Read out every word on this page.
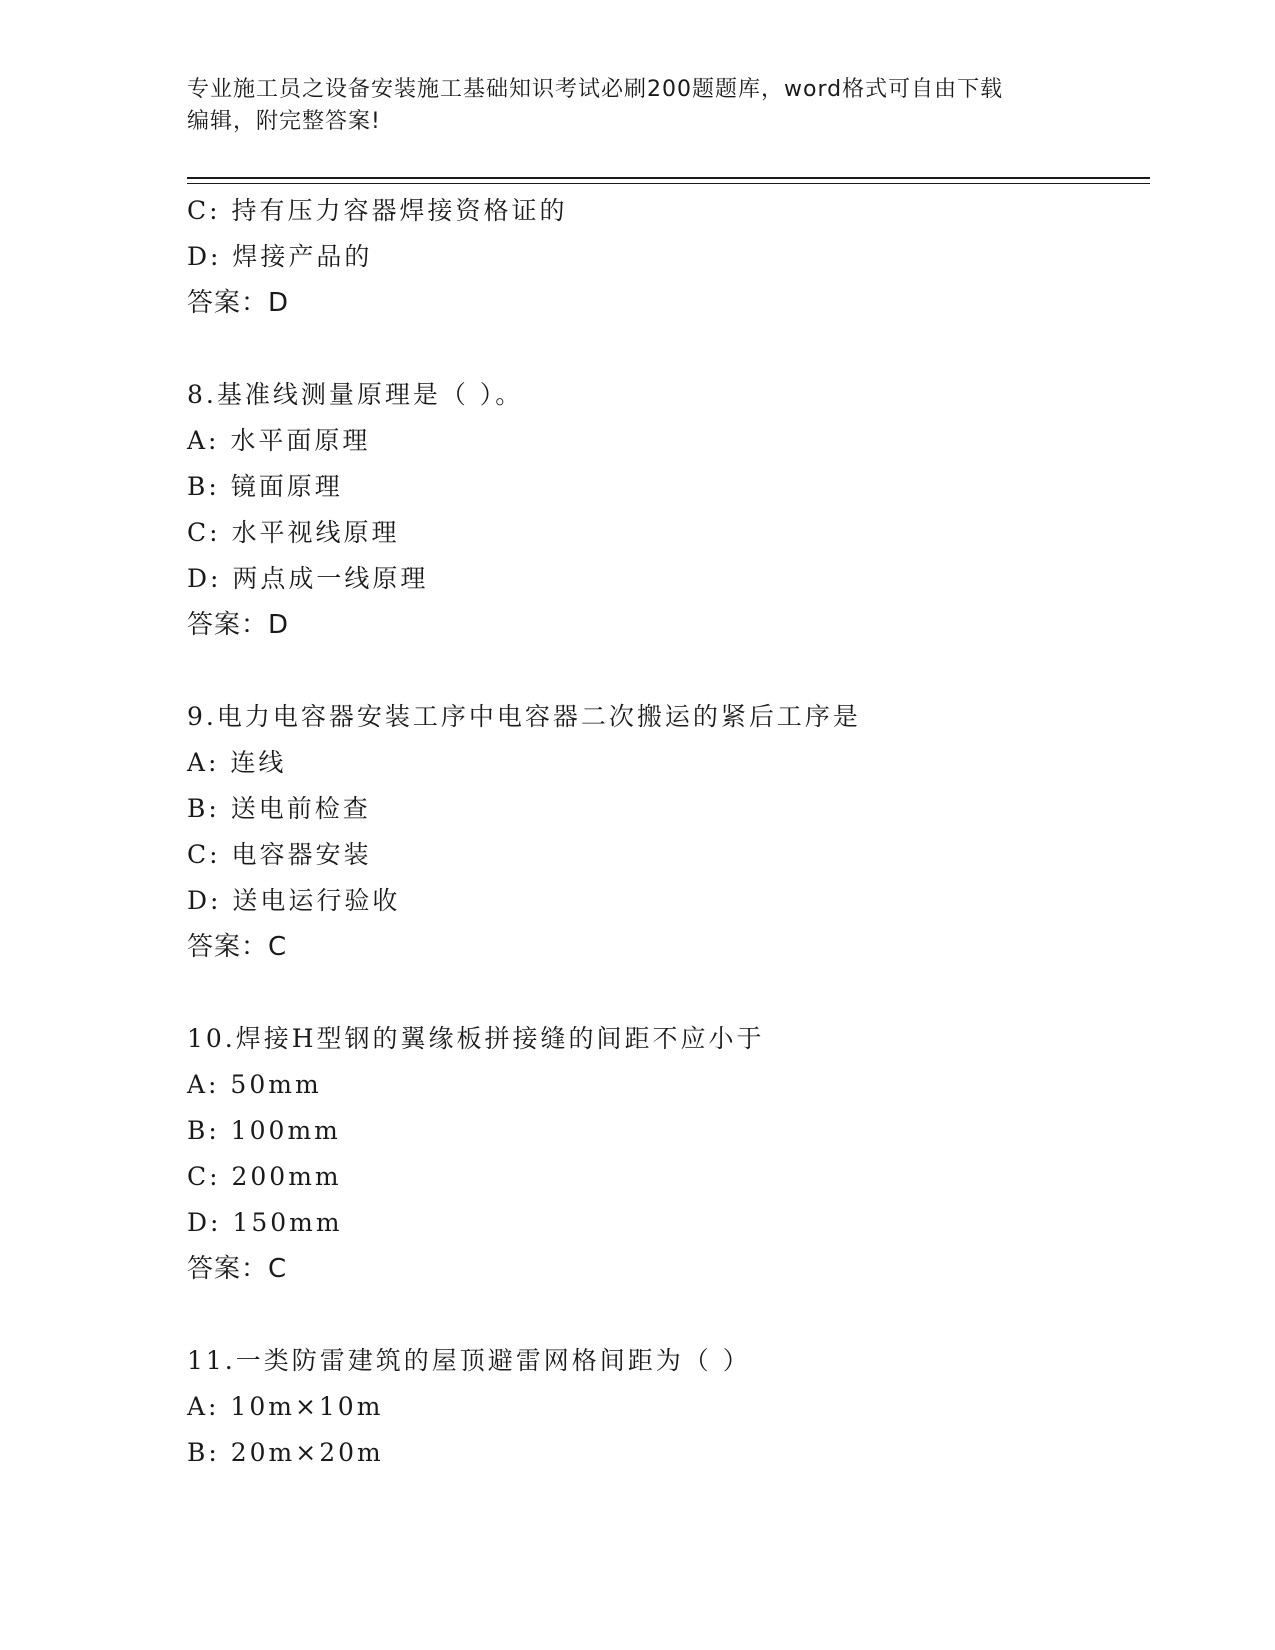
专业施工员之设备安装施工基础知识考试必刷200题题库，word格式可自由下载
编辑，附完整答案!
C: 持有压力容器焊接资格证的
D: 焊接产品的
答案：D
8.基准线测量原理是（ ）。
A: 水平面原理
B: 镜面原理
C: 水平视线原理
D: 两点成一线原理
答案：D
9.电力电容器安装工序中电容器二次搬运的紧后工序是
A: 连线
B: 送电前检查
C: 电容器安装
D: 送电运行验收
答案：C
10.焊接H型钢的翼缘板拼接缝的间距不应小于
A: 50mm
B: 100mm
C: 200mm
D: 150mm
答案：C
11.一类防雷建筑的屋顶避雷网格间距为（ ）
A: 10m×10m
B: 20m×20m
